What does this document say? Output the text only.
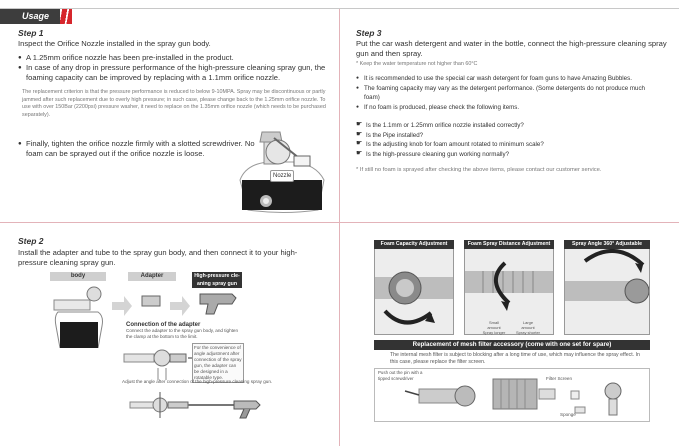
Usage
Step 1
Inspect the Orifice Nozzle installed in the spray gun body.
● A 1.25mm orifice nozzle has been pre-installed in the product.
● In case of any drop in pressure performance of the high-pressure cleaning spray gun, the foaming capacity can be improved by replacing with a 1.1mm orifice nozzle.
The replacement criterion is that the pressure performance is reduced to below 9-10MPA. Spray may be discontinuous or partly jammed after such replacement due to overly high pressure; in such case, please change back to the 1.25mm orifice nozzle. To use with over 150Bar (2200psi) pressure washer, it need to replace on the 1.35mm orifice nozzle (which needs to be purchased separately).
● Finally, tighten the orifice nozzle firmly with a slotted screwdriver. No foam can be sprayed out if the orifice nozzle is loose.
Nozzle
Step 2
Install the adapter and tube to the spray gun body, and then connect it to your high-pressure cleaning spray gun.
body	Adapter	High-pressure cle-aning spray gun
Connection of the adapter
Connect the adapter to the spray gun body, and tighten the clamp at the bottom to the limit.
For the convenience of angle adjustment after connection of the spray gun, the adapter can be designed in a rotatable type.
Adjust the angle after connection of the high-pressure cleaning spray gun.
Step 3
Put the car wash detergent and water in the bottle, connect the high-pressure cleaning spray gun and then spray.
* Keep the water temperature not higher than 60°C
● It is recommended to use the special car wash detergent for foam guns to have Amazing Bubbles.
● The foaming capacity may vary as the detergent performance. (Some detergents do not produce much foam)
● If no foam is produced, please check the following items.
☛ Is the 1.1mm or 1.25mm orifice nozzle installed correctly?
☛ Is the Pipe installed?
☛ Is the adjusting knob for foam amount rotated to minimum scale?
☛ Is the high-pressure cleaning gun working normally?
* If still no foam is sprayed after checking the above items, please contact our customer service.
Foam Capacity Adjustment	Foam Spray Distance Adjustment
Small amount
Spray longer
Large amount
Spray shorter
Spray Angle 360° Adjustable
Replacement of mesh filter accessory (come with one set for spare)
The internal mesh filter is subject to blocking after a long time of use, which may influence the spray effect. In this case, please replace the filter screen.
Push out the pin with a tipped screwdriver	Filter Screen
Sponge
